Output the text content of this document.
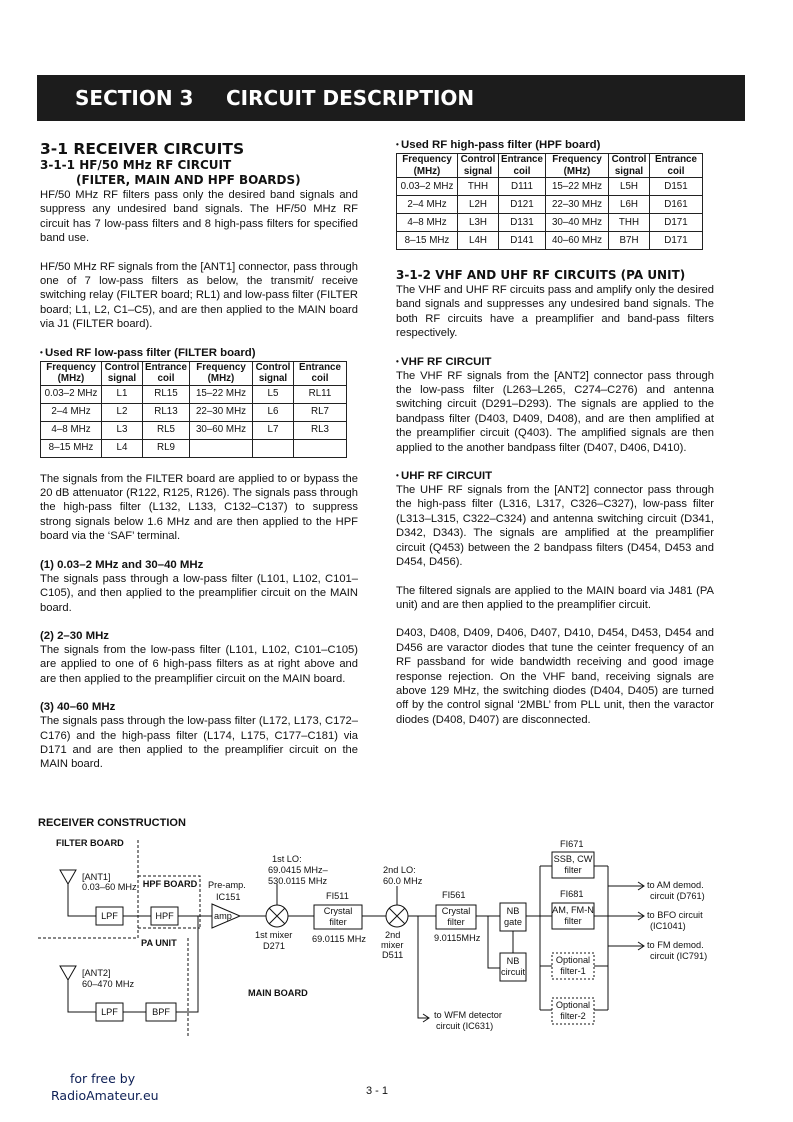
SECTION 3 CIRCUIT DESCRIPTION
3-1 RECEIVER CIRCUITS
3-1-1 HF/50 MHz RF CIRCUIT
(FILTER, MAIN AND HPF BOARDS)

HF/50 MHz RF filters pass only the desired band signals and suppress any undesired band signals. The HF/50 MHz RF circuit has 7 low-pass filters and 8 high-pass filters for specified band use.

HF/50 MHz RF signals from the [ANT1] connector, pass through one of 7 low-pass filters as below, the transmit/ receive switching relay (FILTER board; RL1) and low-pass filter (FILTER board; L1, L2, C1–C5), and are then applied to the MAIN board via J1 (FILTER board).

• Used RF low-pass filter (FILTER board)
Frequency (MHz)	Control signal	Entrance coil	Frequency (MHz)	Control signal	Entrance coil
0.03–2 MHz	L1	RL15	15–22 MHz	L5	RL11
2–4 MHz	L2	RL13	22–30 MHz	L6	RL7
4–8 MHz	L3	RL5	30–60 MHz	L7	RL3
8–15 MHz	L4	RL9			

The signals from the FILTER board are applied to or bypass the 20 dB attenuator (R122, R125, R126). The signals pass through the high-pass filter (L132, L133, C132–C137) to suppress strong signals below 1.6 MHz and are then applied to the HPF board via the ‘SAF’ terminal.

(1) 0.03–2 MHz and 30–40 MHz

The signals pass through a low-pass filter (L101, L102, C101–C105), and then applied to the preamplifier circuit on the MAIN board.

(2) 2–30 MHz

The signals from the low-pass filter (L101, L102, C101–C105) are applied to one of 6 high-pass filters as at right above and are then applied to the preamplifier circuit on the MAIN board.

(3) 40–60 MHz

The signals pass through the low-pass filter (L172, L173, C172–C176) and the high-pass filter (L174, L175, C177–C181) via D171 and are then applied to the preamplifier circuit on the MAIN board.

• Used RF high-pass filter (HPF board)
Frequency (MHz)	Control signal	Entrance coil	Frequency (MHz)	Control signal	Entrance coil
0.03–2 MHz	THH	D111	15–22 MHz	L5H	D151
2–4 MHz	L2H	D121	22–30 MHz	L6H	D161
4–8 MHz	L3H	D131	30–40 MHz	THH	D171
8–15 MHz	L4H	D141	40–60 MHz	B7H	D171
3-1-2 VHF AND UHF RF CIRCUITS (PA UNIT)

The VHF and UHF RF circuits pass and amplify only the desired band signals and suppresses any undesired band signals. The both RF circuits have a preamplifier and band-pass filters respectively.

• VHF RF CIRCUIT

The VHF RF signals from the [ANT2] connector pass through the low-pass filter (L263–L265, C274–C276) and antenna switching circuit (D291–D293). The signals are applied to the bandpass filter (D403, D409, D408), and are then amplified at the preamplifier circuit (Q403). The amplified signals are then applied to the another bandpass filter (D407, D406, D410).

• UHF RF CIRCUIT

The UHF RF signals from the [ANT2] connector pass through the high-pass filter (L316, L317, C326–C327), low-pass filter (L313–L315, C322–C324) and antenna switching circuit (D341, D342, D343). The signals are amplified at the preamplifier circuit (Q453) between the 2 bandpass filters (D454, D453 and D454, D456).

The filtered signals are applied to the MAIN board via J481 (PA unit) and are then applied to the preamplifier circuit.

D403, D408, D409, D406, D407, D410, D454, D453, D454 and D456 are varactor diodes that tune the ceinter frequency of an RF passband for wide bandwidth receiving and good image response rejection. On the VHF band, receiving signals are above 129 MHz, the switching diodes (D404, D405) are turned off by the control signal ‘2MBL’ from PLL unit, then the varactor diodes (D408, D407) are disconnected.

RECEIVER CONSTRUCTION
FILTER BOARD
[ANT1]
0.03–60 MHz HPF BOARD Pre-amp.
IC151
1st LO:
69.0415 MHz–
530.0115 MHz
2nd LO:
60.0 MHz
FI511	FI561
FI671
FI681
LPF	HPF	amp	Crystal
filter
Crystal
filter
1st mixer
D271
69.0115 MHz 2nd
mixer
D511
9.0115MHz
NB
gate
NB
circuit
SSB, CW
filter
AM, FM-N
filter
Optional
filter-1
Optional
filter-2
to AM demod.
circuit (D761)
to BFO circuit
(IC1041)
to FM demod.
circuit (IC791)
PA UNIT
[ANT2]
60–470 MHz
MAIN BOARD
LPF	BPF	to WFM detector
circuit (IC631)
for free by
RadioAmateur.eu	3 - 1
